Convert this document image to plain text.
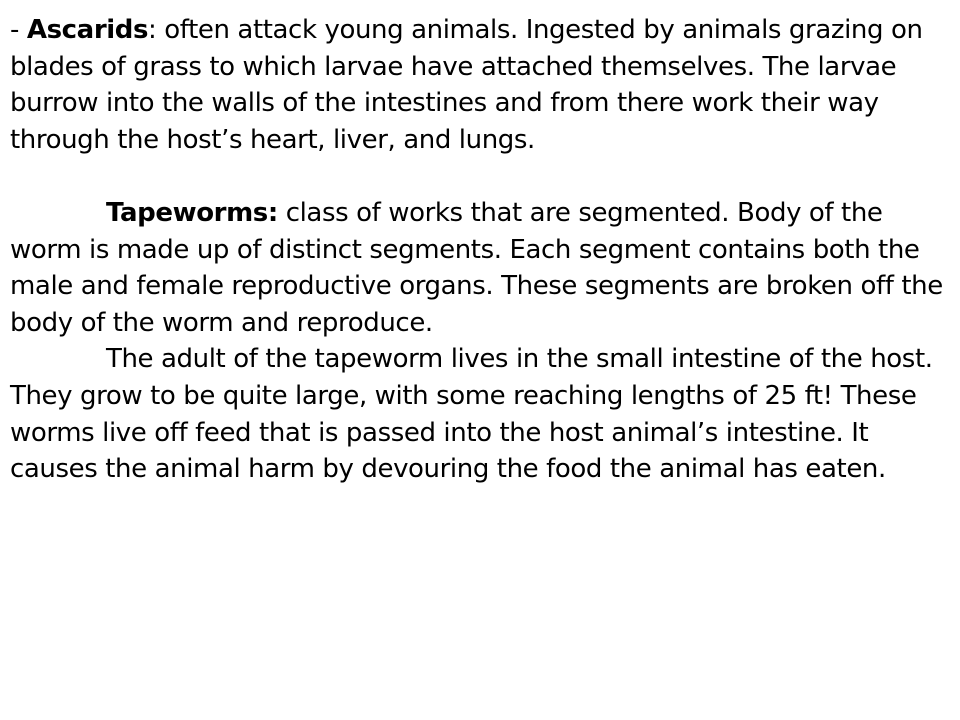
- Ascarids: often attack young animals. Ingested by animals grazing on blades of grass to which larvae have attached themselves. The larvae burrow into the walls of the intestines and from there work their way through the host’s heart, liver, and lungs.

Tapeworms: class of works that are segmented. Body of the worm is made up of distinct segments. Each segment contains both the male and female reproductive organs. These segments are broken off the body of the worm and reproduce.

The adult of the tapeworm lives in the small intestine of the host. They grow to be quite large, with some reaching lengths of 25 ft! These worms live off feed that is passed into the host animal’s intestine. It causes the animal harm by devouring the food the animal has eaten.
